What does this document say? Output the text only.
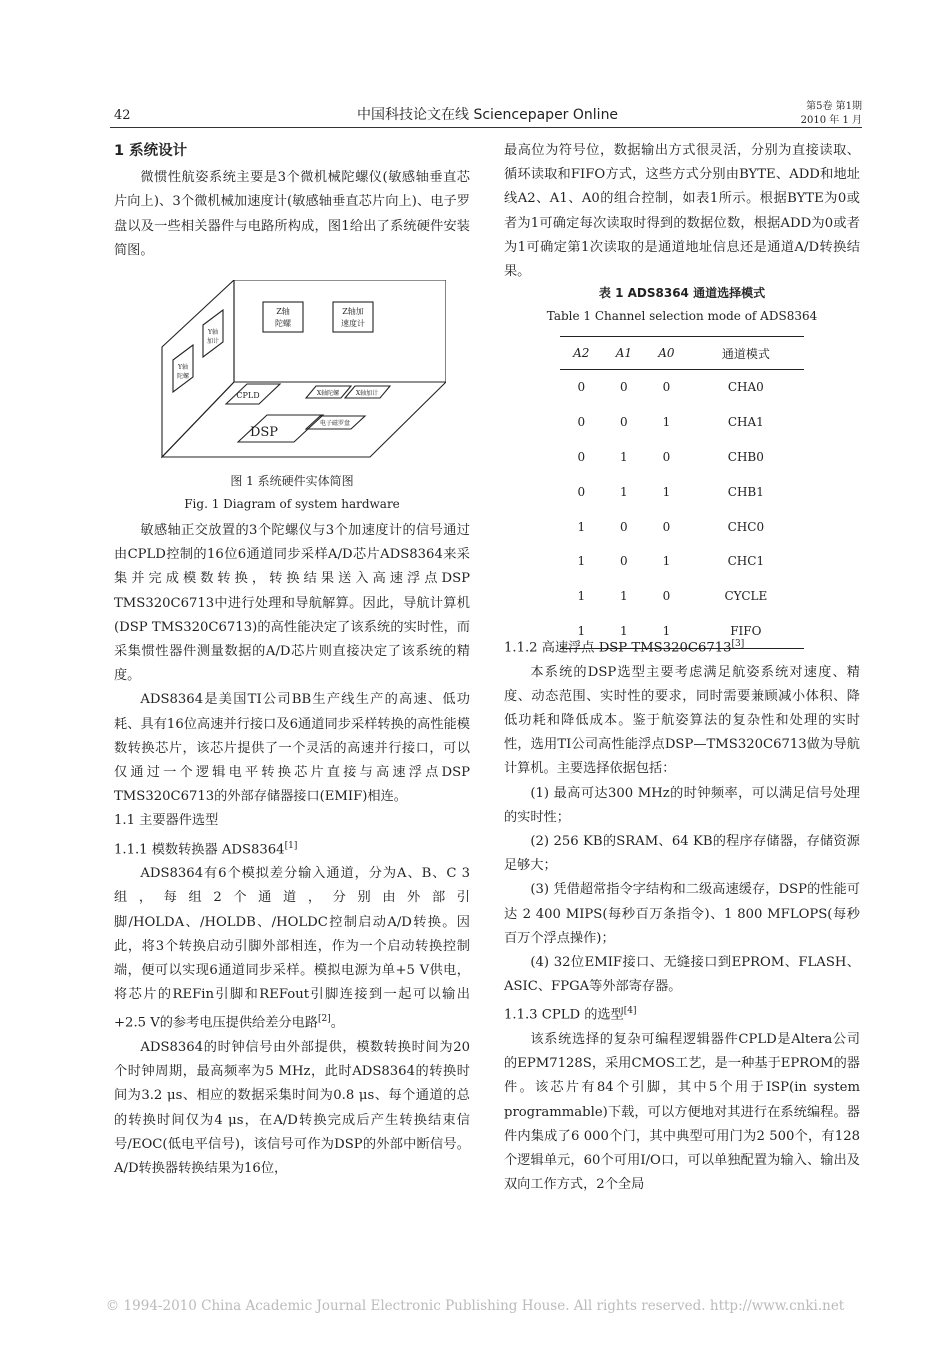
42	中国科技论文在线 Sciencepaper Online
第5卷 第1期
2010 年 1 月

1 系统设计

微惯性航姿系统主要是3个微机械陀螺仪(敏感轴垂直芯片向上)、3个微机械加速度计(敏感轴垂直芯片向上)、电子罗盘以及一些相关器件与电路所构成，图1给出了系统硬件安装简图。

Z轴
陀螺
Z轴加
速度计
Y轴
加计
Y轴
陀螺
CPLD	X轴陀螺	X轴加计
DSP
电子磁罗盘
图 1 系统硬件实体简图
Fig. 1 Diagram of system hardware

敏感轴正交放置的3个陀螺仪与3个加速度计的信号通过由CPLD控制的16位6通道同步采样A/D芯片ADS8364来采集并完成模数转换，转换结果送入高速浮点DSP TMS320C6713中进行处理和导航解算。因此，导航计算机(DSP TMS320C6713)的高性能决定了该系统的实时性，而采集惯性器件测量数据的A/D芯片则直接决定了该系统的精度。

ADS8364是美国TI公司BB生产线生产的高速、低功耗、具有16位高速并行接口及6通道同步采样转换的高性能模数转换芯片，该芯片提供了一个灵活的高速并行接口，可以仅通过一个逻辑电平转换芯片直接与高速浮点DSP TMS320C6713的外部存储器接口(EMIF)相连。

1.1 主要器件选型

1.1.1 模数转换器 ADS8364[1]

ADS8364有6个模拟差分输入通道，分为A、B、C 3组，每组2个通道，分别由外部引脚/HOLDA、/HOLDB、/HOLDC控制启动A/D转换。因此，将3个转换启动引脚外部相连，作为一个启动转换控制端，便可以实现6通道同步采样。模拟电源为单+5 V供电，将芯片的REFin引脚和REFout引脚连接到一起可以输出+2.5 V的参考电压提供给差分电路[2]。

ADS8364的时钟信号由外部提供，模数转换时间为20个时钟周期，最高频率为5 MHz，此时ADS8364的转换时间为3.2 μs、相应的数据采集时间为0.8 μs、每个通道的总的转换时间仅为4 μs，在A/D转换完成后产生转换结束信号/EOC(低电平信号)，该信号可作为DSP的外部中断信号。A/D转换器转换结果为16位，

最高位为符号位，数据输出方式很灵活，分别为直接读取、循环读取和FIFO方式，这些方式分别由BYTE、ADD和地址线A2、A1、A0的组合控制，如表1所示。根据BYTE为0或者为1可确定每次读取时得到的数据位数，根据ADD为0或者为1可确定第1次读取的是通道地址信息还是通道A/D转换结果。

表 1 ADS8364 通道选择模式
Table 1 Channel selection mode of ADS8364
A2	A1	A0	通道模式
0	0	0	CHA0
0	0	1	CHA1
0	1	0	CHB0
0	1	1	CHB1
1	0	0	CHC0
1	0	1	CHC1
1	1	0	CYCLE
1	1	1	FIFO

1.1.2 高速浮点 DSP TMS320C6713[3]

本系统的DSP选型主要考虑满足航姿系统对速度、精度、动态范围、实时性的要求，同时需要兼顾减小体积、降低功耗和降低成本。鉴于航姿算法的复杂性和处理的实时性，选用TI公司高性能浮点DSP—TMS320C6713做为导航计算机。主要选择依据包括：

(1) 最高可达300 MHz的时钟频率，可以满足信号处理的实时性；

(2) 256 KB的SRAM、64 KB的程序存储器，存储资源足够大；

(3) 凭借超常指令字结构和二级高速缓存，DSP的性能可达 2 400 MIPS(每秒百万条指令)、1 800 MFLOPS(每秒百万个浮点操作)；

(4) 32位EMIF接口、无缝接口到EPROM、FLASH、ASIC、FPGA等外部寄存器。

1.1.3 CPLD 的选型[4]

该系统选择的复杂可编程逻辑器件CPLD是Altera公司的EPM7128S，采用CMOS工艺，是一种基于EPROM的器件。该芯片有84个引脚，其中5个用于ISP(in system programmable)下载，可以方便地对其进行在系统编程。器件内集成了6 000个门，其中典型可用门为2 500个，有128个逻辑单元，60个可用I/O口，可以单独配置为输入、输出及双向工作方式，2个全局

© 1994-2010 China Academic Journal Electronic Publishing House. All rights reserved. http://www.cnki.net
